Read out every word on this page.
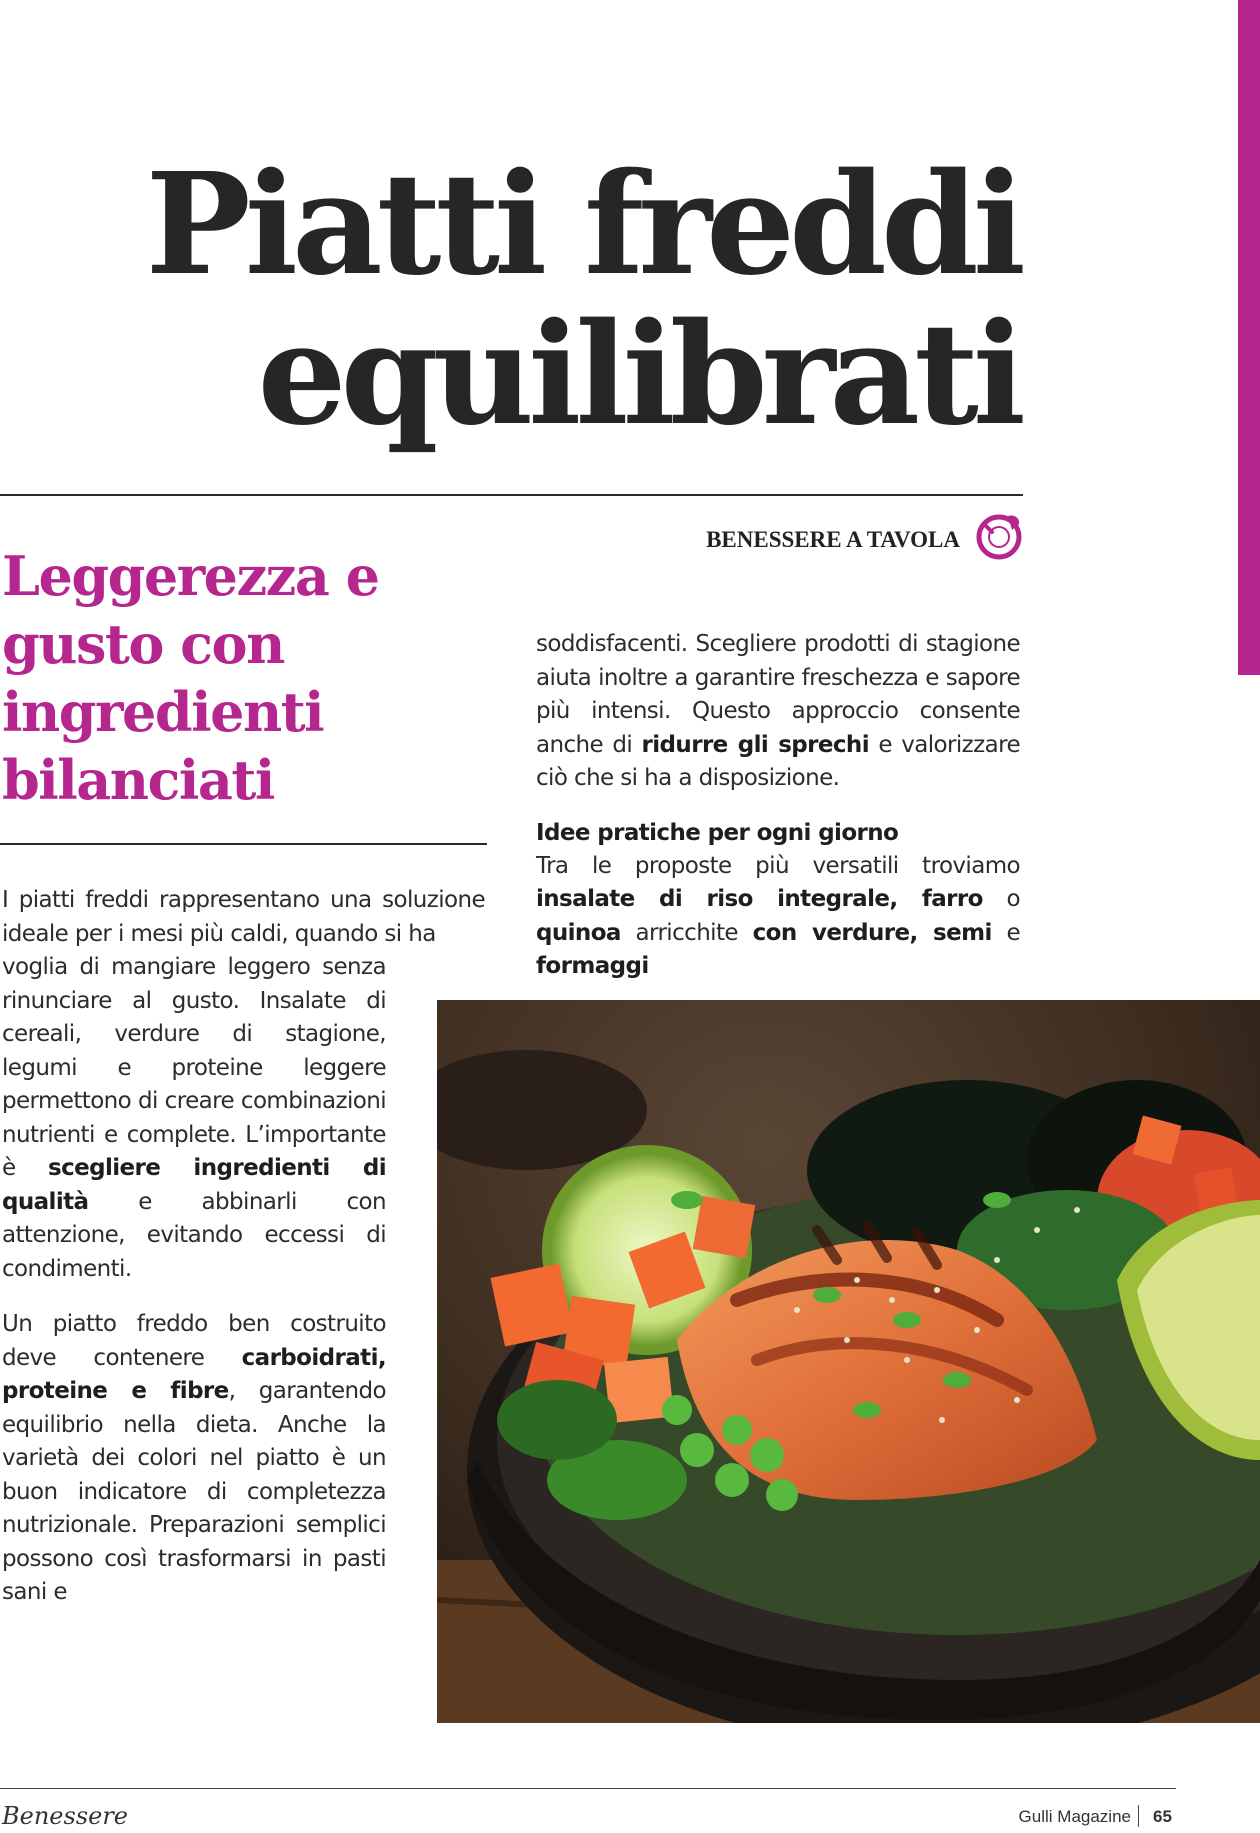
Piatti freddi
equilibrati
BENESSERE A TAVOLA
Leggerezza e
gusto con
ingredienti
bilanciati

I piatti freddi rappresentano una soluzione ideale per i mesi più caldi, quando si ha

voglia di mangiare leggero senza rinunciare al gusto. Insalate di cereali, verdure di stagione, legumi e proteine leggere permettono di creare combinazioni nutrienti e complete. L’importante è scegliere ingredienti di qualità e abbinarli con attenzione, evitando eccessi di condimenti.

Un piatto freddo ben costruito deve contenere carboidrati, proteine e fibre, garantendo equilibrio nella dieta. Anche la varietà dei colori nel piatto è un buon indicatore di completezza nutrizionale. Preparazioni semplici possono così trasformarsi in pasti sani e

soddisfacenti. Scegliere prodotti di stagione aiuta inoltre a garantire freschezza e sapore più intensi. Questo approccio consente anche di ridurre gli sprechi e valorizzare ciò che si ha a disposizione.

Idee pratiche per ogni giorno

Tra le proposte più versatili troviamo insalate di riso integrale, farro o quinoa arricchite con verdure, semi e formaggi

Benessere	Gulli Magazine 65
